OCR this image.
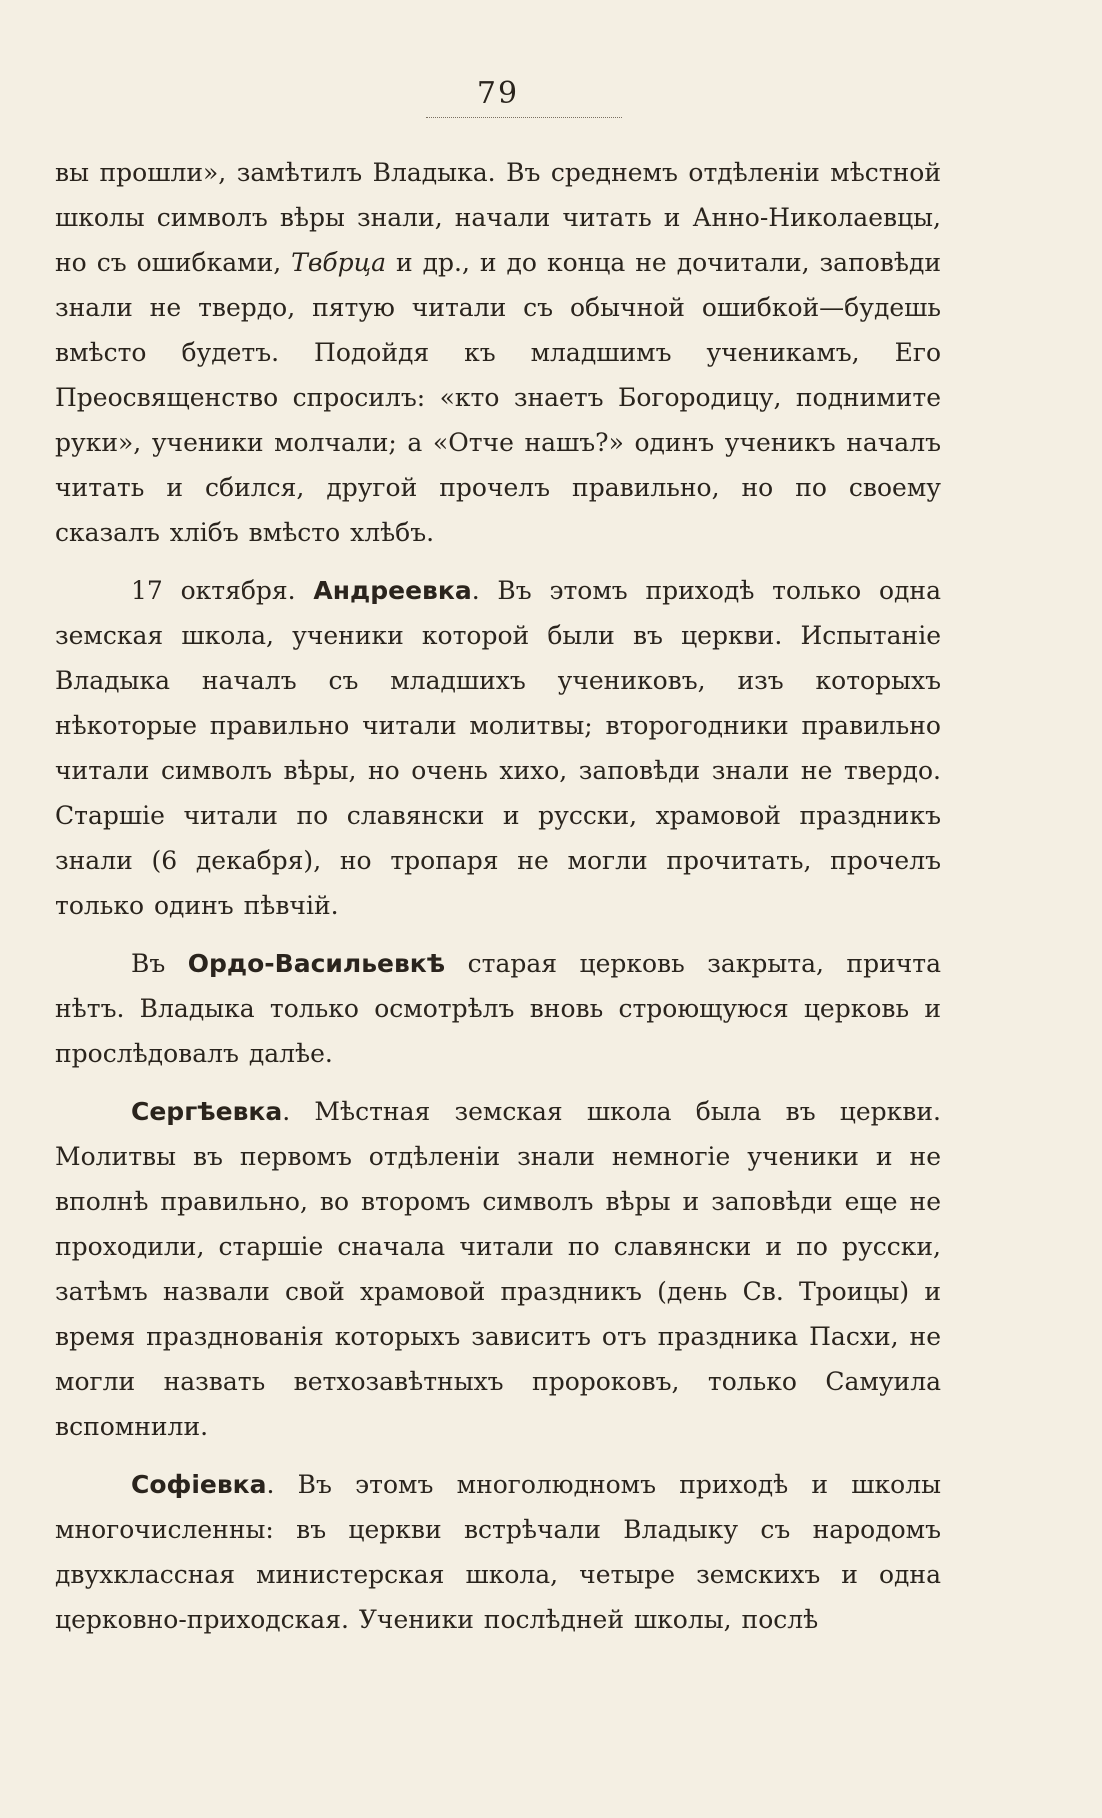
79

вы прошли», замѣтилъ Владыка. Въ среднемъ отдѣленіи мѣстной школы символъ вѣры знали, начали читать и Анно-Николаевцы, но съ ошибками, Твбрца и др., и до конца не дочитали, заповѣди знали не твердо, пятую читали съ обычной ошибкой—будешь вмѣсто будетъ. Подойдя къ младшимъ ученикамъ, Его Преосвященство спросилъ: «кто знаетъ Богородицу, поднимите руки», ученики молчали; а «Отче нашъ?» одинъ ученикъ началъ читать и сбился, другой прочелъ правильно, но по своему сказалъ хлібъ вмѣсто хлѣбъ.

17 октября. Андреевка. Въ этомъ приходѣ только одна земская школа, ученики которой были въ церкви. Испытаніе Владыка началъ съ младшихъ учениковъ, изъ которыхъ нѣкоторые правильно читали молитвы; второгодники правильно читали символъ вѣры, но очень хихо, заповѣди знали не твердо. Старшіе читали по славянски и русски, храмовой праздникъ знали (6 декабря), но тропаря не могли прочитать, прочелъ только одинъ пѣвчій.

Въ Ордо-Васильевкѣ старая церковь закрыта, причта нѣтъ. Владыка только осмотрѣлъ вновь строющуюся церковь и прослѣдовалъ далѣе.

Сергѣевка. Мѣстная земская школа была въ церкви. Молитвы въ первомъ отдѣленіи знали немногіе ученики и не вполнѣ правильно, во второмъ символъ вѣры и заповѣди еще не проходили, старшіе сначала читали по славянски и по русски, затѣмъ назвали свой храмовой праздникъ (день Св. Троицы) и время празднованія которыхъ зависитъ отъ праздника Пасхи, не могли назвать ветхозавѣтныхъ пророковъ, только Самуила вспомнили.

Софіевка. Въ этомъ многолюдномъ приходѣ и школы многочисленны: въ церкви встрѣчали Владыку съ народомъ двухклассная министерская школа, четыре земскихъ и одна церковно-приходская. Ученики послѣдней школы, послѣ
